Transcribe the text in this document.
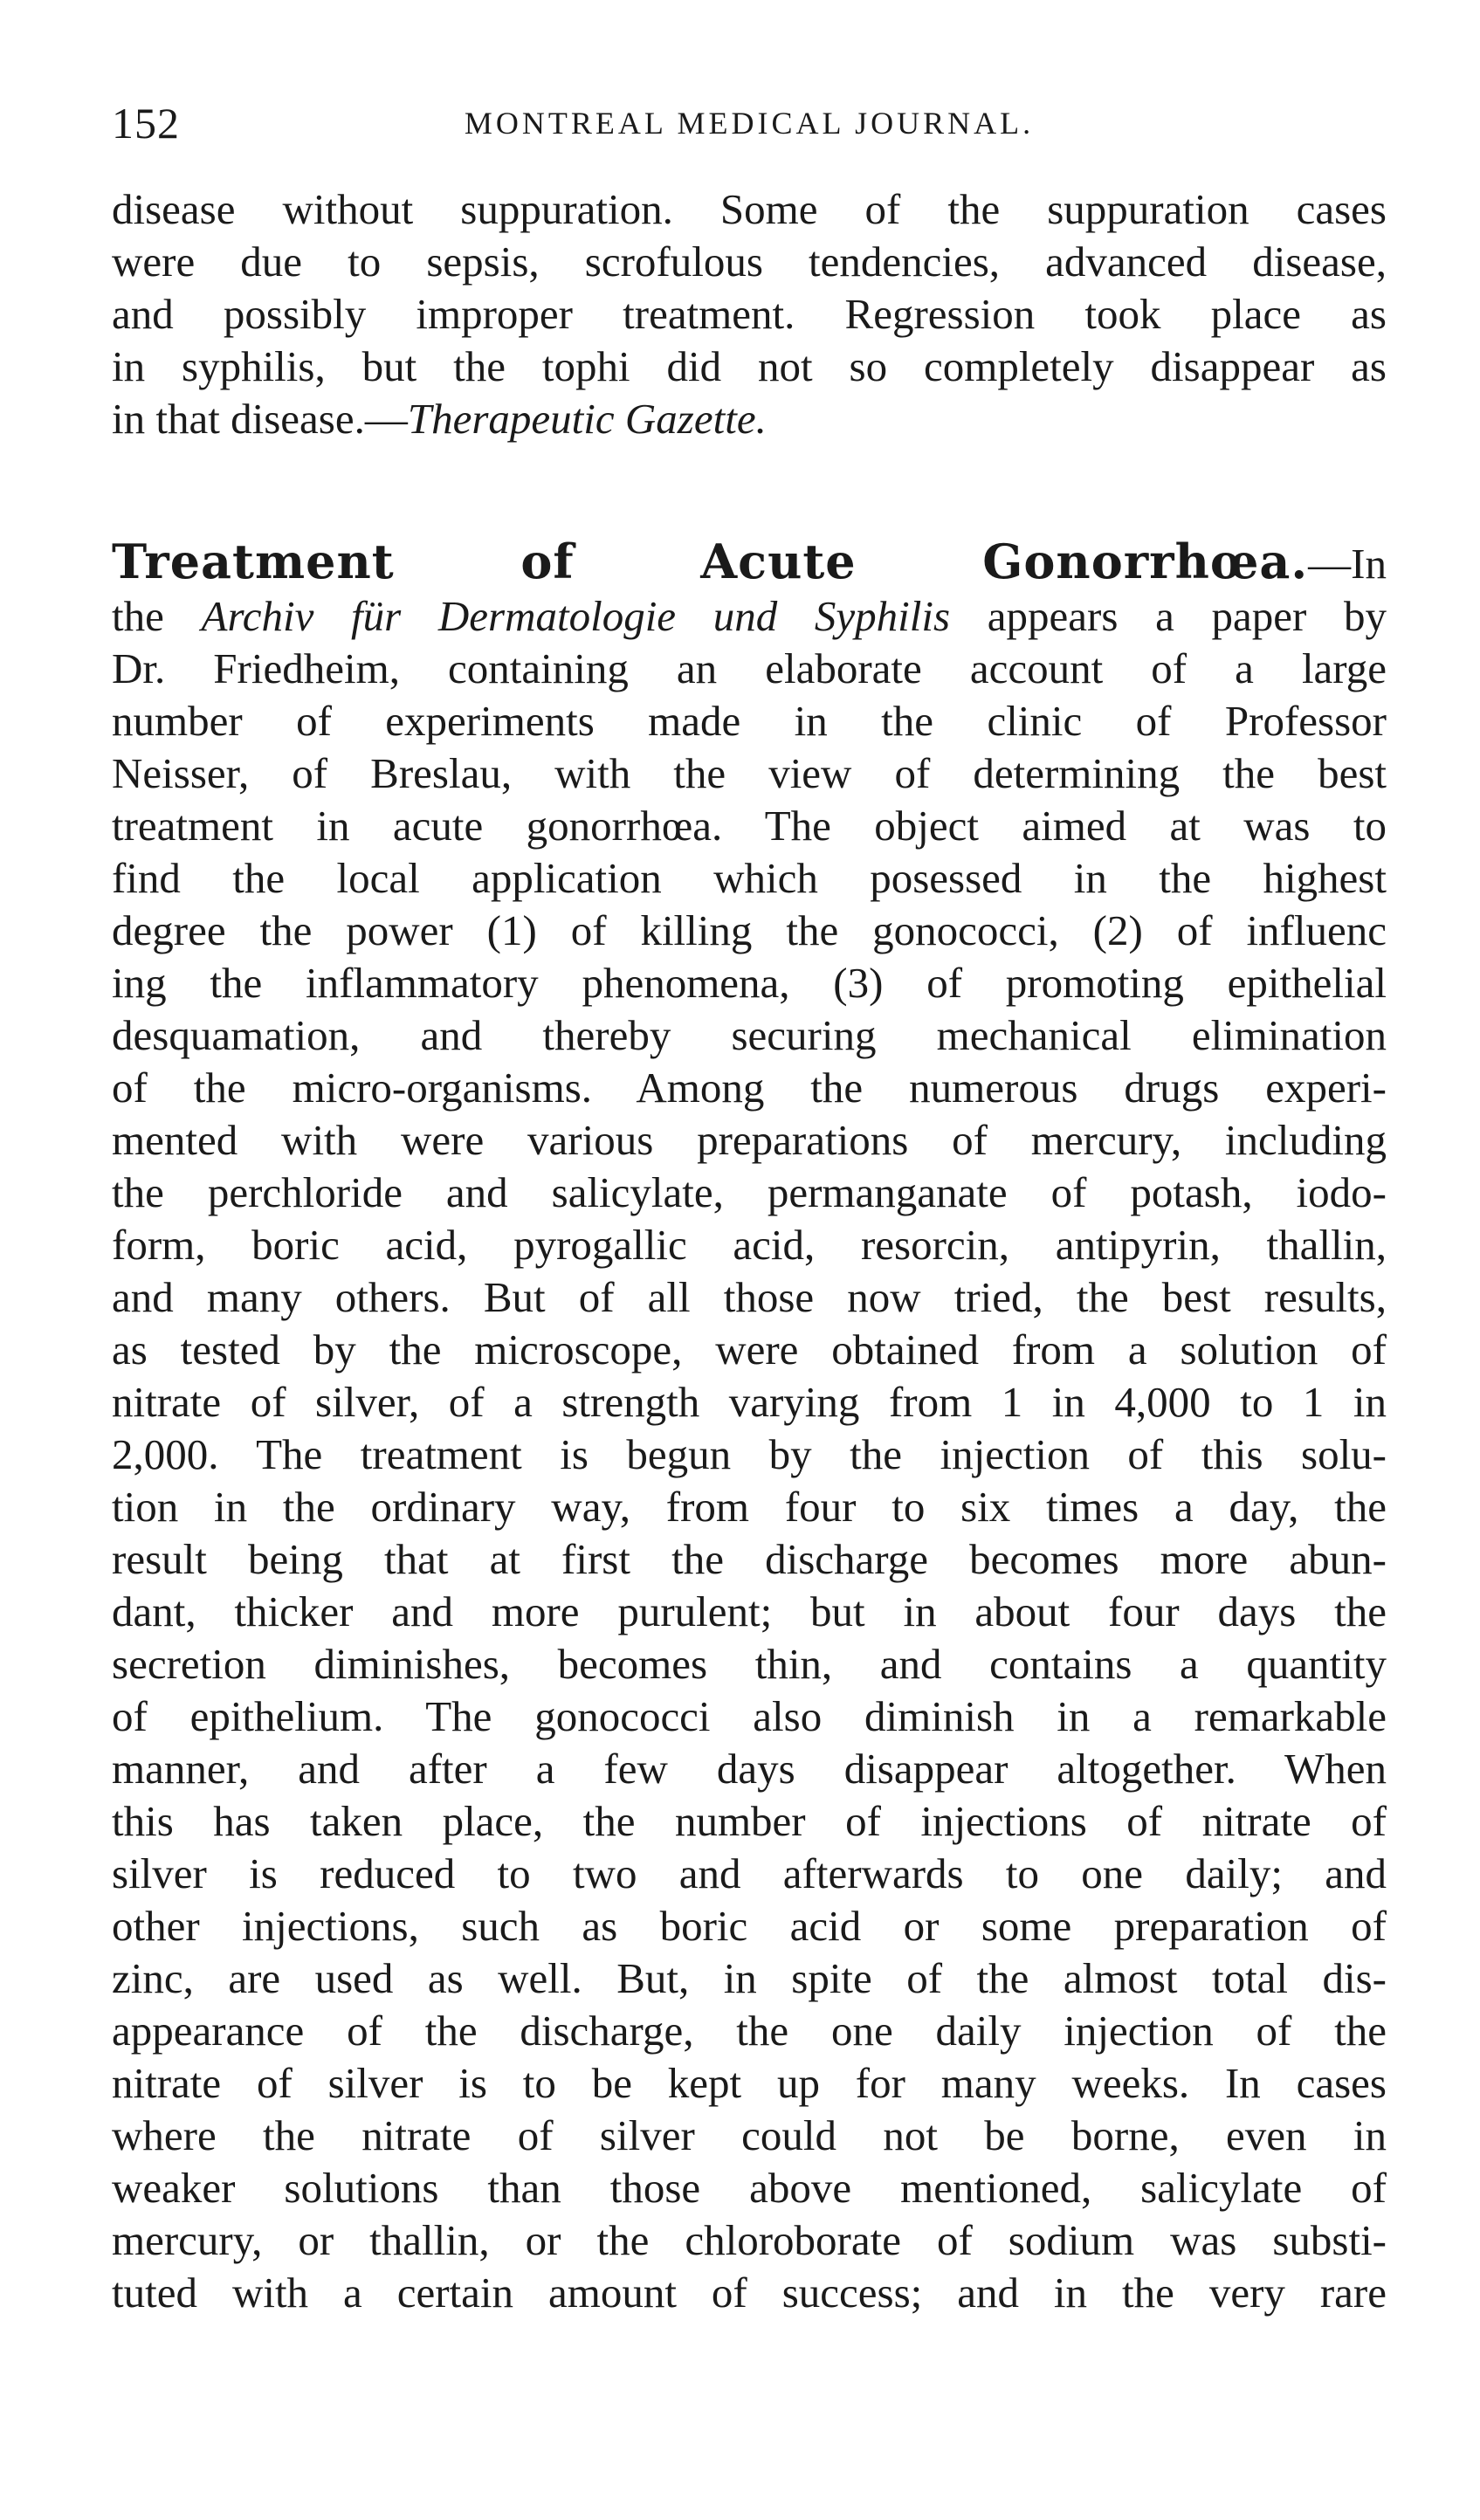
152	MONTREAL MEDICAL JOURNAL.
disease without suppuration. Some of the suppuration cases
were due to sepsis, scrofulous tendencies, advanced disease,
and possibly improper treatment. Regression took place as
in syphilis, but the tophi did not so completely disappear as
in that disease.—Therapeutic Gazette.
Treatment of Acute Gonorrhœa.—In
the Archiv für Dermatologie und Syphilis appears a paper by
Dr. Friedheim, containing an elaborate account of a large
number of experiments made in the clinic of Professor
Neisser, of Breslau, with the view of determining the best
treatment in acute gonorrhœa. The object aimed at was to
find the local application which posessed in the highest
degree the power (1) of killing the gonococci, (2) of influenc
ing the inflammatory phenomena, (3) of promoting epithelial
desquamation, and thereby securing mechanical elimination
of the micro-organisms. Among the numerous drugs experi-
mented with were various preparations of mercury, including
the perchloride and salicylate, permanganate of potash, iodo-
form, boric acid, pyrogallic acid, resorcin, antipyrin, thallin,
and many others. But of all those now tried, the best results,
as tested by the microscope, were obtained from a solution of
nitrate of silver, of a strength varying from 1 in 4,000 to 1 in
2,000. The treatment is begun by the injection of this solu-
tion in the ordinary way, from four to six times a day, the
result being that at first the discharge becomes more abun-
dant, thicker and more purulent; but in about four days the
secretion diminishes, becomes thin, and contains a quantity
of epithelium. The gonococci also diminish in a remarkable
manner, and after a few days disappear altogether. When
this has taken place, the number of injections of nitrate of
silver is reduced to two and afterwards to one daily; and
other injections, such as boric acid or some preparation of
zinc, are used as well. But, in spite of the almost total dis-
appearance of the discharge, the one daily injection of the
nitrate of silver is to be kept up for many weeks. In cases
where the nitrate of silver could not be borne, even in
weaker solutions than those above mentioned, salicylate of
mercury, or thallin, or the chloroborate of sodium was substi-
tuted with a certain amount of success; and in the very rare
